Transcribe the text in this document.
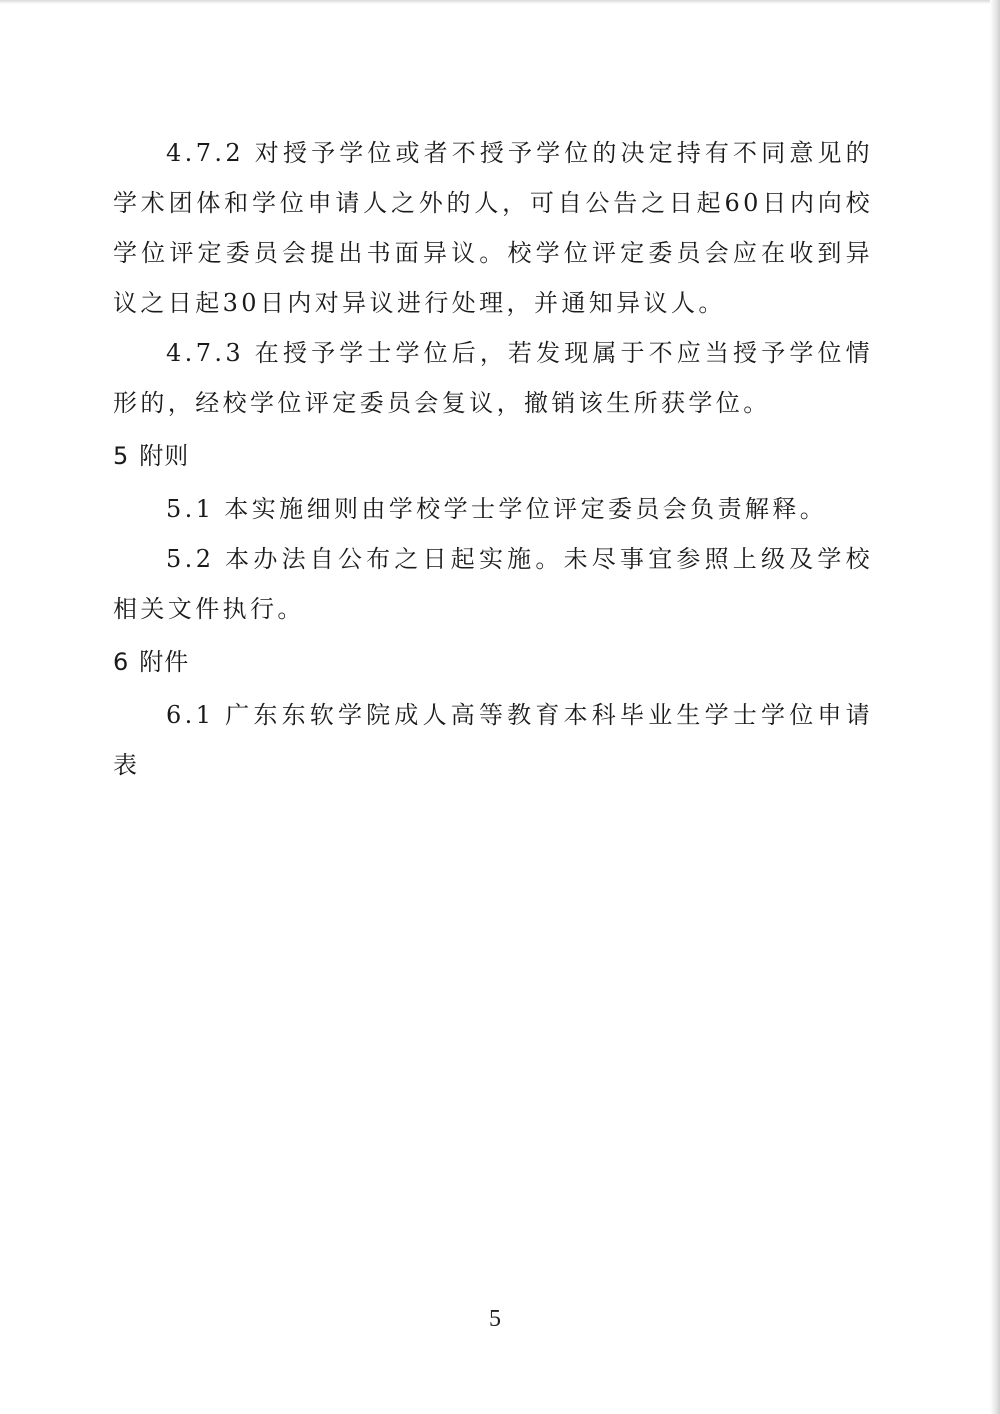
4.7.2 对授予学位或者不授予学位的决定持有不同意见的学术团体和学位申请人之外的人，可自公告之日起60日内向校学位评定委员会提出书面异议。校学位评定委员会应在收到异议之日起30日内对异议进行处理，并通知异议人。

4.7.3 在授予学士学位后，若发现属于不应当授予学位情形的，经校学位评定委员会复议，撤销该生所获学位。

5 附则

5.1 本实施细则由学校学士学位评定委员会负责解释。

5.2 本办法自公布之日起实施。未尽事宜参照上级及学校相关文件执行。

6 附件

6.1 广东东软学院成人高等教育本科毕业生学士学位申请表

5
